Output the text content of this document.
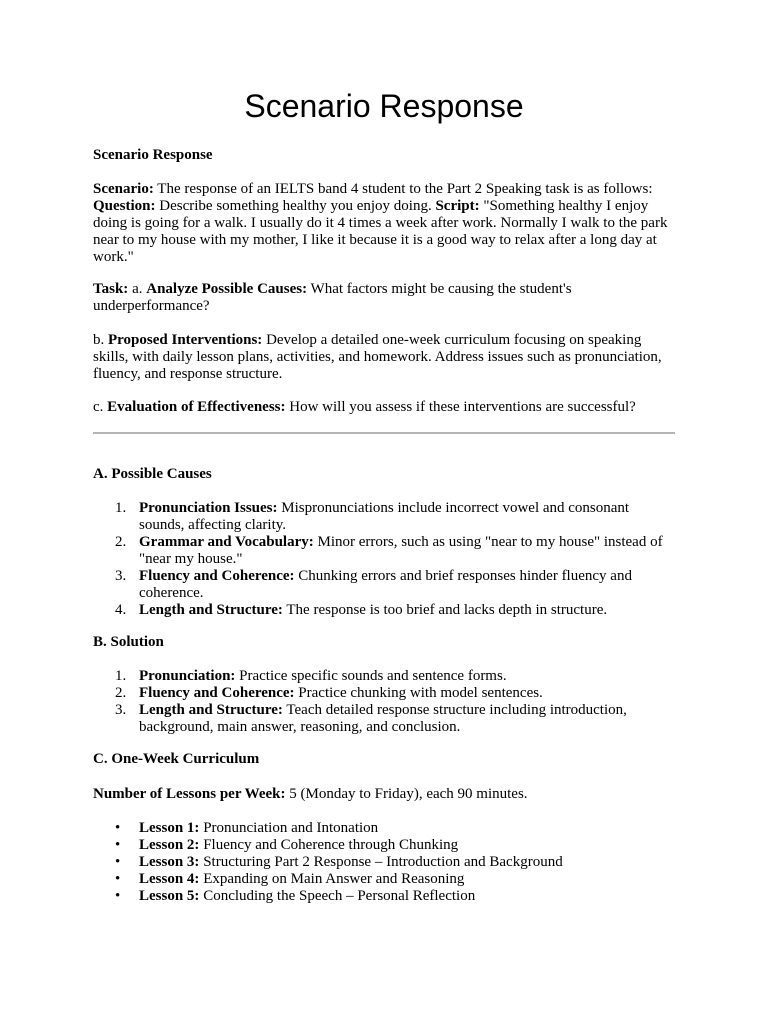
Scenario Response

Scenario Response

Scenario: The response of an IELTS band 4 student to the Part 2 Speaking task is as follows: Question: Describe something healthy you enjoy doing. Script: "Something healthy I enjoy doing is going for a walk. I usually do it 4 times a week after work. Normally I walk to the park near to my house with my mother, I like it because it is a good way to relax after a long day at work."

Task: a. Analyze Possible Causes: What factors might be causing the student's underperformance?

b. Proposed Interventions: Develop a detailed one-week curriculum focusing on speaking skills, with daily lesson plans, activities, and homework. Address issues such as pronunciation, fluency, and response structure.

c. Evaluation of Effectiveness: How will you assess if these interventions are successful?

A. Possible Causes

1. Pronunciation Issues: Mispronunciations include incorrect vowel and consonant sounds, affecting clarity.
2. Grammar and Vocabulary: Minor errors, such as using "near to my house" instead of "near my house."
3. Fluency and Coherence: Chunking errors and brief responses hinder fluency and coherence.
4. Length and Structure: The response is too brief and lacks depth in structure.

B. Solution

1. Pronunciation: Practice specific sounds and sentence forms.
2. Fluency and Coherence: Practice chunking with model sentences.
3. Length and Structure: Teach detailed response structure including introduction, background, main answer, reasoning, and conclusion.

C. One-Week Curriculum

Number of Lessons per Week: 5 (Monday to Friday), each 90 minutes.

• Lesson 1: Pronunciation and Intonation
• Lesson 2: Fluency and Coherence through Chunking
• Lesson 3: Structuring Part 2 Response – Introduction and Background
• Lesson 4: Expanding on Main Answer and Reasoning
• Lesson 5: Concluding the Speech – Personal Reflection
